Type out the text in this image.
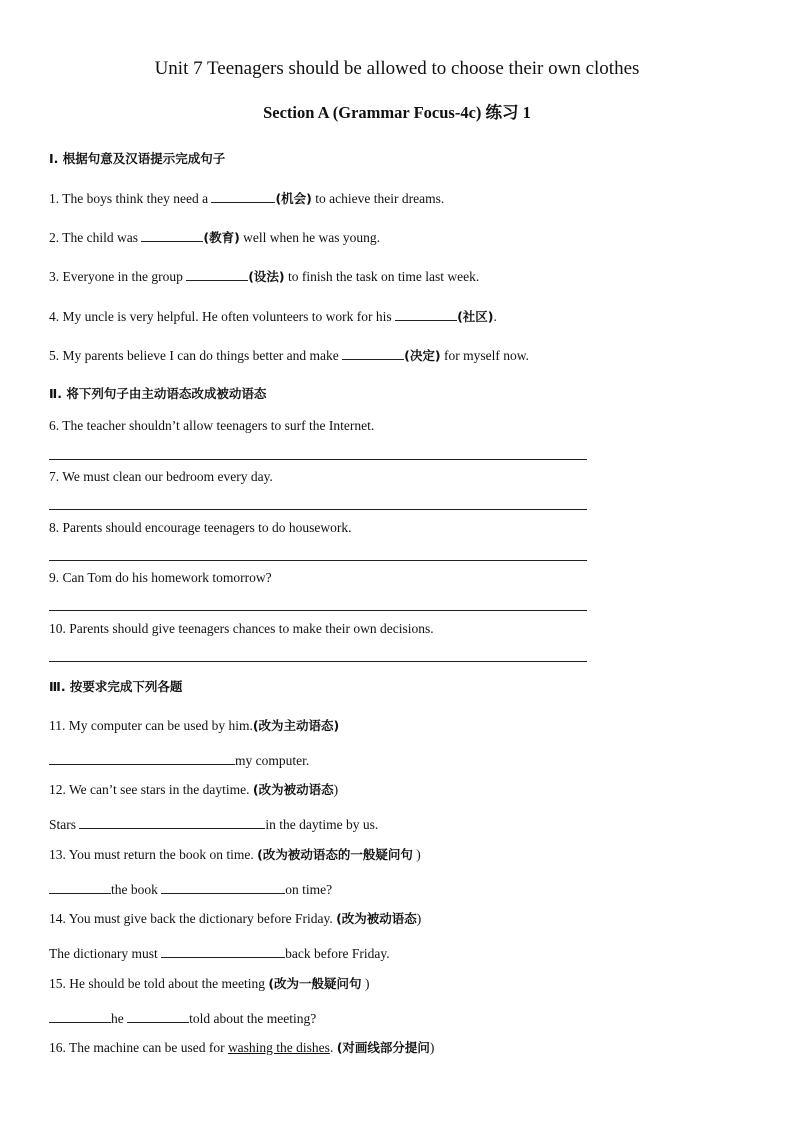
Unit 7 Teenagers should be allowed to choose their own clothes
Section A (Grammar Focus-4c) 练习 1
Ⅰ. 根据句意及汉语提示完成句子
1. The boys think they need a	(机会) to achieve their dreams.
2. The child was	(教育) well when he was young.
3. Everyone in the group	(设法) to finish the task on time last week.
4. My uncle is very helpful. He often volunteers to work for his	(社区).
5. My parents believe I can do things better and make	(决定) for myself now.
Ⅱ. 将下列句子由主动语态改成被动语态
6. The teacher shouldn’t allow teenagers to surf the Internet.
7. We must clean our bedroom every day.
8. Parents should encourage teenagers to do housework.
9. Can Tom do his homework tomorrow?
10. Parents should give teenagers chances to make their own decisions.
Ⅲ. 按要求完成下列各题
11. My computer can be used by him.(改为主动语态)
my computer.
12. We can’t see stars in the daytime. (改为被动语态)
Stars	in the daytime by us.
13. You must return the book on time. (改为被动语态的一般疑问句 )
the book	on time?
14. You must give back the dictionary before Friday. (改为被动语态)
The dictionary must	back before Friday.
15. He should be told about the meeting (改为一般疑问句 )
he	told about the meeting?
16. The machine can be used for washing the dishes. (对画线部分提问)
